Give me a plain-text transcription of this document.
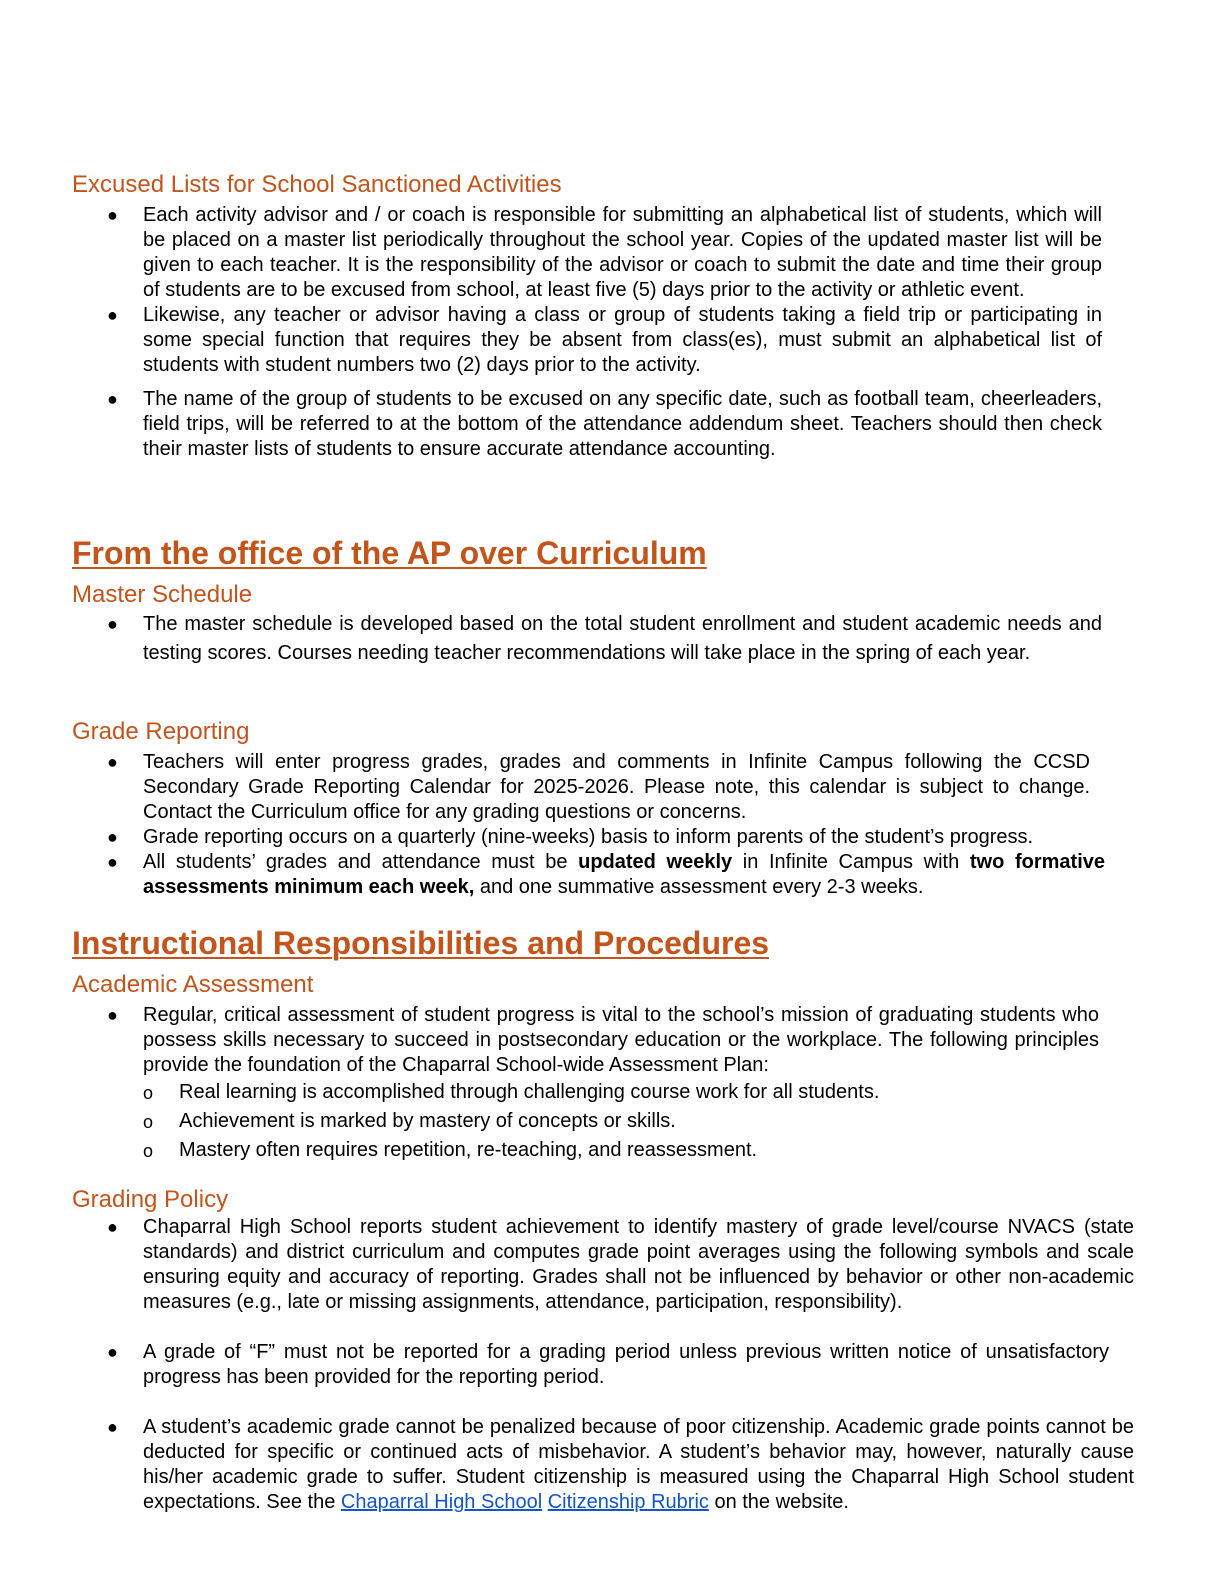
Excused Lists for School Sanctioned Activities
● Each activity advisor and / or coach is responsible for submitting an alphabetical list of students, which will be placed on a master list periodically throughout the school year. Copies of the updated master list will be given to each teacher. It is the responsibility of the advisor or coach to submit the date and time their group of students are to be excused from school, at least five (5) days prior to the activity or athletic event.
● Likewise, any teacher or advisor having a class or group of students taking a field trip or participating in some special function that requires they be absent from class(es), must submit an alphabetical list of students with student numbers two (2) days prior to the activity.
● The name of the group of students to be excused on any specific date, such as football team, cheerleaders, field trips, will be referred to at the bottom of the attendance addendum sheet. Teachers should then check their master lists of students to ensure accurate attendance accounting.
From the office of the AP over Curriculum
Master Schedule
● The master schedule is developed based on the total student enrollment and student academic needs and testing scores. Courses needing teacher recommendations will take place in the spring of each year.
Grade Reporting
● Teachers will enter progress grades, grades and comments in Infinite Campus following the CCSD Secondary Grade Reporting Calendar for 2025-2026. Please note, this calendar is subject to change. Contact the Curriculum office for any grading questions or concerns.
● Grade reporting occurs on a quarterly (nine-weeks) basis to inform parents of the student’s progress.
● All students’ grades and attendance must be updated weekly in Infinite Campus with two formative assessments minimum each week, and one summative assessment every 2-3 weeks.
Instructional Responsibilities and Procedures
Academic Assessment
● Regular, critical assessment of student progress is vital to the school’s mission of graduating students who possess skills necessary to succeed in postsecondary education or the workplace. The following principles provide the foundation of the Chaparral School-wide Assessment Plan:
o Real learning is accomplished through challenging course work for all students.
o Achievement is marked by mastery of concepts or skills.
o Mastery often requires repetition, re-teaching, and reassessment.
Grading Policy
● Chaparral High School reports student achievement to identify mastery of grade level/course NVACS (state standards) and district curriculum and computes grade point averages using the following symbols and scale ensuring equity and accuracy of reporting. Grades shall not be influenced by behavior or other non-academic measures (e.g., late or missing assignments, attendance, participation, responsibility).
● A grade of “F” must not be reported for a grading period unless previous written notice of unsatisfactory progress has been provided for the reporting period.
● A student’s academic grade cannot be penalized because of poor citizenship. Academic grade points cannot be deducted for specific or continued acts of misbehavior. A student’s behavior may, however, naturally cause his/her academic grade to suffer. Student citizenship is measured using the Chaparral High School student expectations. See the Chaparral High School Citizenship Rubric on the website.
